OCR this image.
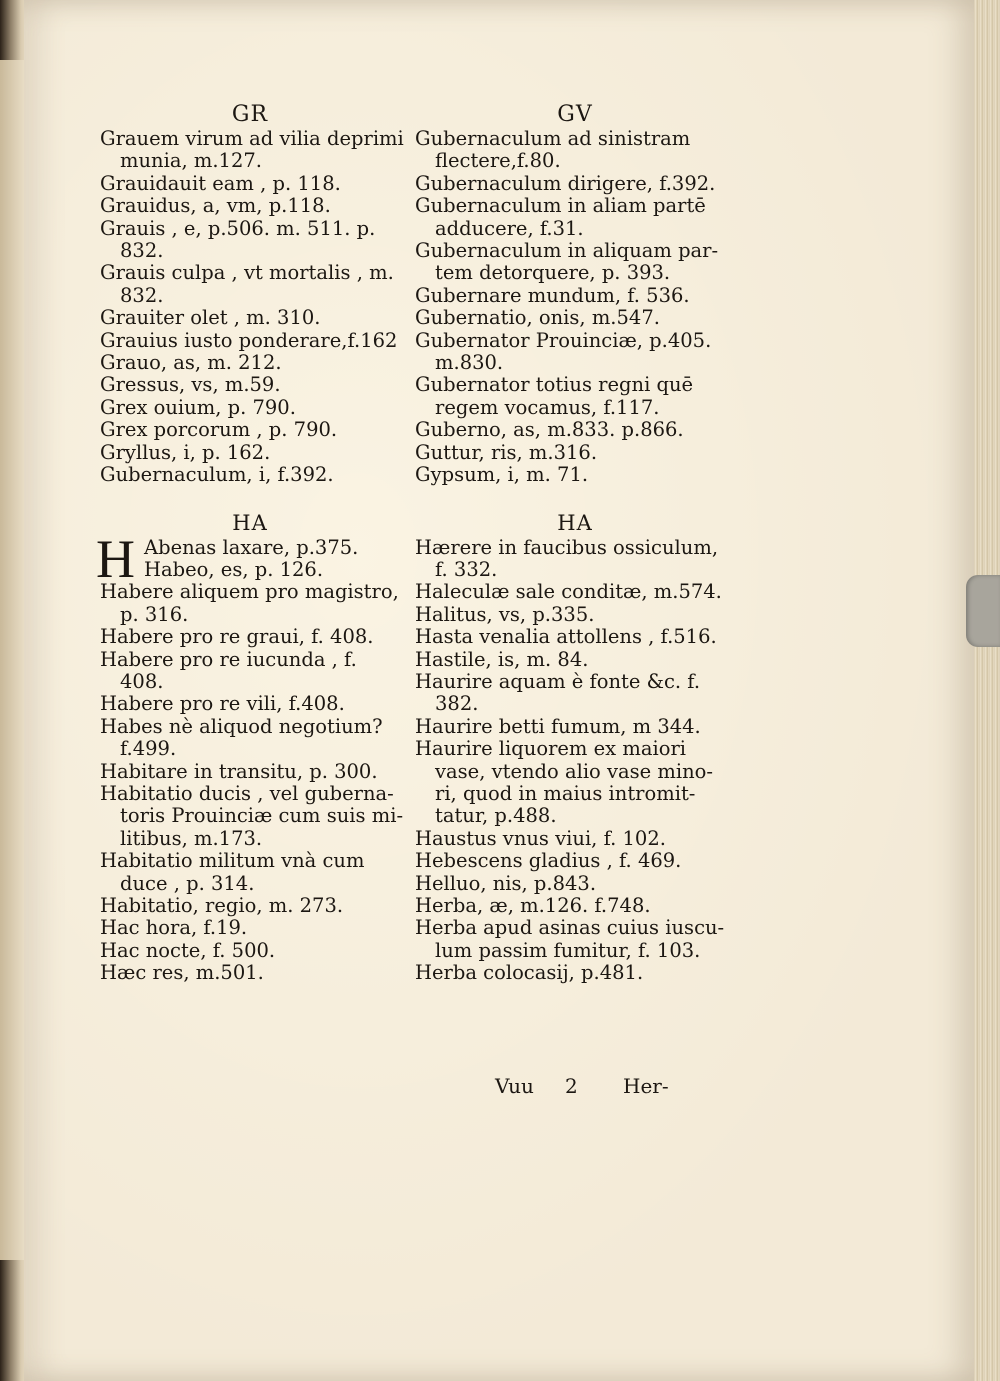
GR

Grauem virum ad vilia deprimi

munia, m.127.

Grauidauit eam , p. 118.

Grauidus, a, vm, p.118.

Grauis , e, p.506. m. 511. p.

832.

Grauis culpa , vt mortalis , m.

832.

Grauiter olet , m. 310.

Grauius iusto ponderare,f.162

Grauo, as, m. 212.

Gressus, vs, m.59.

Grex ouium, p. 790.

Grex porcorum , p. 790.

Gryllus, i, p. 162.

Gubernaculum, i, f.392.

HA
H Abenas laxare, p.375.

Habeo, es, p. 126.

Habere aliquem pro magistro,

p. 316.

Habere pro re graui, f. 408.

Habere pro re iucunda , f.

408.

Habere pro re vili, f.408.

Habes nè aliquod negotium?

f.499.

Habitare in transitu, p. 300.

Habitatio ducis , vel guberna-

toris Prouinciæ cum suis mi-

litibus, m.173.

Habitatio militum vnà cum

duce , p. 314.

Habitatio, regio, m. 273.

Hac hora, f.19.

Hac nocte, f. 500.

Hæc res, m.501.

GV

Gubernaculum ad sinistram

flectere,f.80.

Gubernaculum dirigere, f.392.

Gubernaculum in aliam partē

adducere, f.31.

Gubernaculum in aliquam par-

tem detorquere, p. 393.

Gubernare mundum, f. 536.

Gubernatio, onis, m.547.

Gubernator Prouinciæ, p.405.

m.830.

Gubernator totius regni quē

regem vocamus, f.117.

Guberno, as, m.833. p.866.

Guttur, ris, m.316.

Gypsum, i, m. 71.

HA

Hærere in faucibus ossiculum,

f. 332.

Haleculæ sale conditæ, m.574.

Halitus, vs, p.335.

Hasta venalia attollens , f.516.

Hastile, is, m. 84.

Haurire aquam è fonte &c. f.

382.

Haurire betti fumum, m 344.

Haurire liquorem ex maiori

vase, vtendo alio vase mino-

ri, quod in maius intromit-

tatur, p.488.

Haustus vnus viui, f. 102.

Hebescens gladius , f. 469.

Helluo, nis, p.843.

Herba, æ, m.126. f.748.

Herba apud asinas cuius iuscu-

lum passim fumitur, f. 103.

Herba colocasij, p.481.

Vuu 2 Her-
